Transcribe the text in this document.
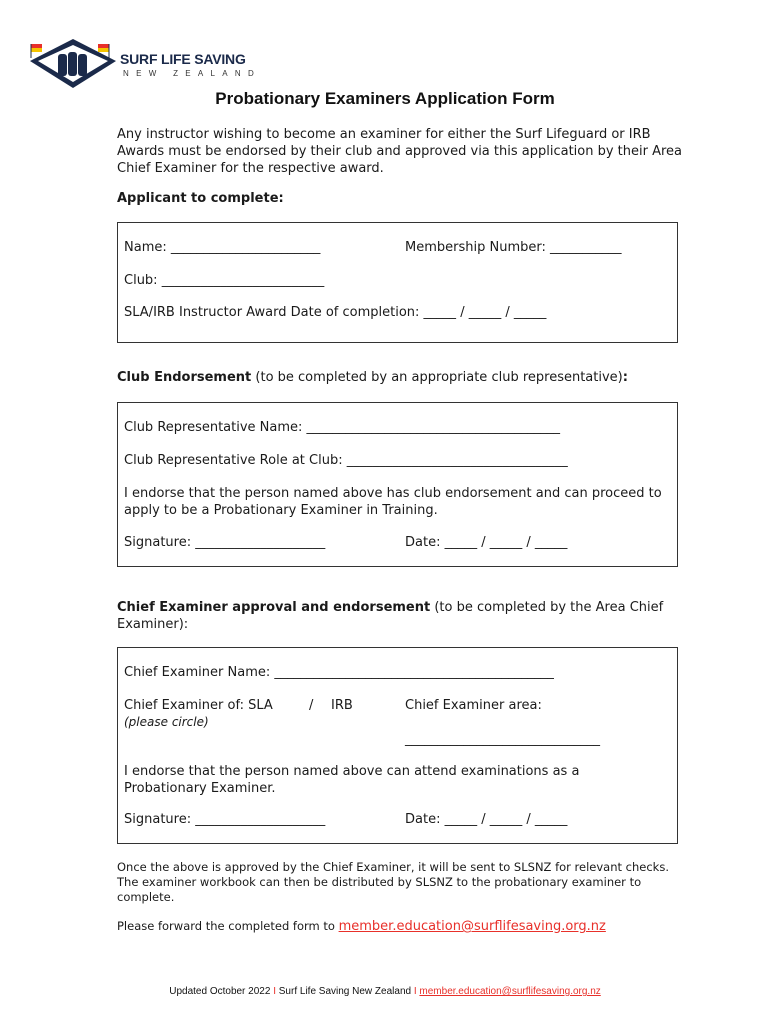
SURF LIFE SAVING
NEW ZEALAND
Probationary Examiners Application Form
Any instructor wishing to become an examiner for either the Surf Lifeguard or IRB Awards must be endorsed by their club and approved via this application by their Area Chief Examiner for the respective award.
Applicant to complete:
Name: _______________________	Membership Number: ___________
Club: _________________________
SLA/IRB Instructor Award Date of completion: _____ / _____ / _____
Club Endorsement (to be completed by an appropriate club representative):
Club Representative Name: _______________________________________
Club Representative Role at Club: __________________________________
I endorse that the person named above has club endorsement and can proceed to apply to be a Probationary Examiner in Training.
Signature: ____________________	Date: _____ / _____ / _____
Chief Examiner approval and endorsement (to be completed by the Area Chief Examiner):
Chief Examiner Name: ___________________________________________
Chief Examiner of: SLA	/ IRB
(please circle)
Chief Examiner area:
______________________________
I endorse that the person named above can attend examinations as a Probationary Examiner.
Signature: ____________________	Date: _____ / _____ / _____
Once the above is approved by the Chief Examiner, it will be sent to SLSNZ for relevant checks. The examiner workbook can then be distributed by SLSNZ to the probationary examiner to complete.
Please forward the completed form to member.education@surflifesaving.org.nz
Updated October 2022 I Surf Life Saving New Zealand I member.education@surflifesaving.org.nz
